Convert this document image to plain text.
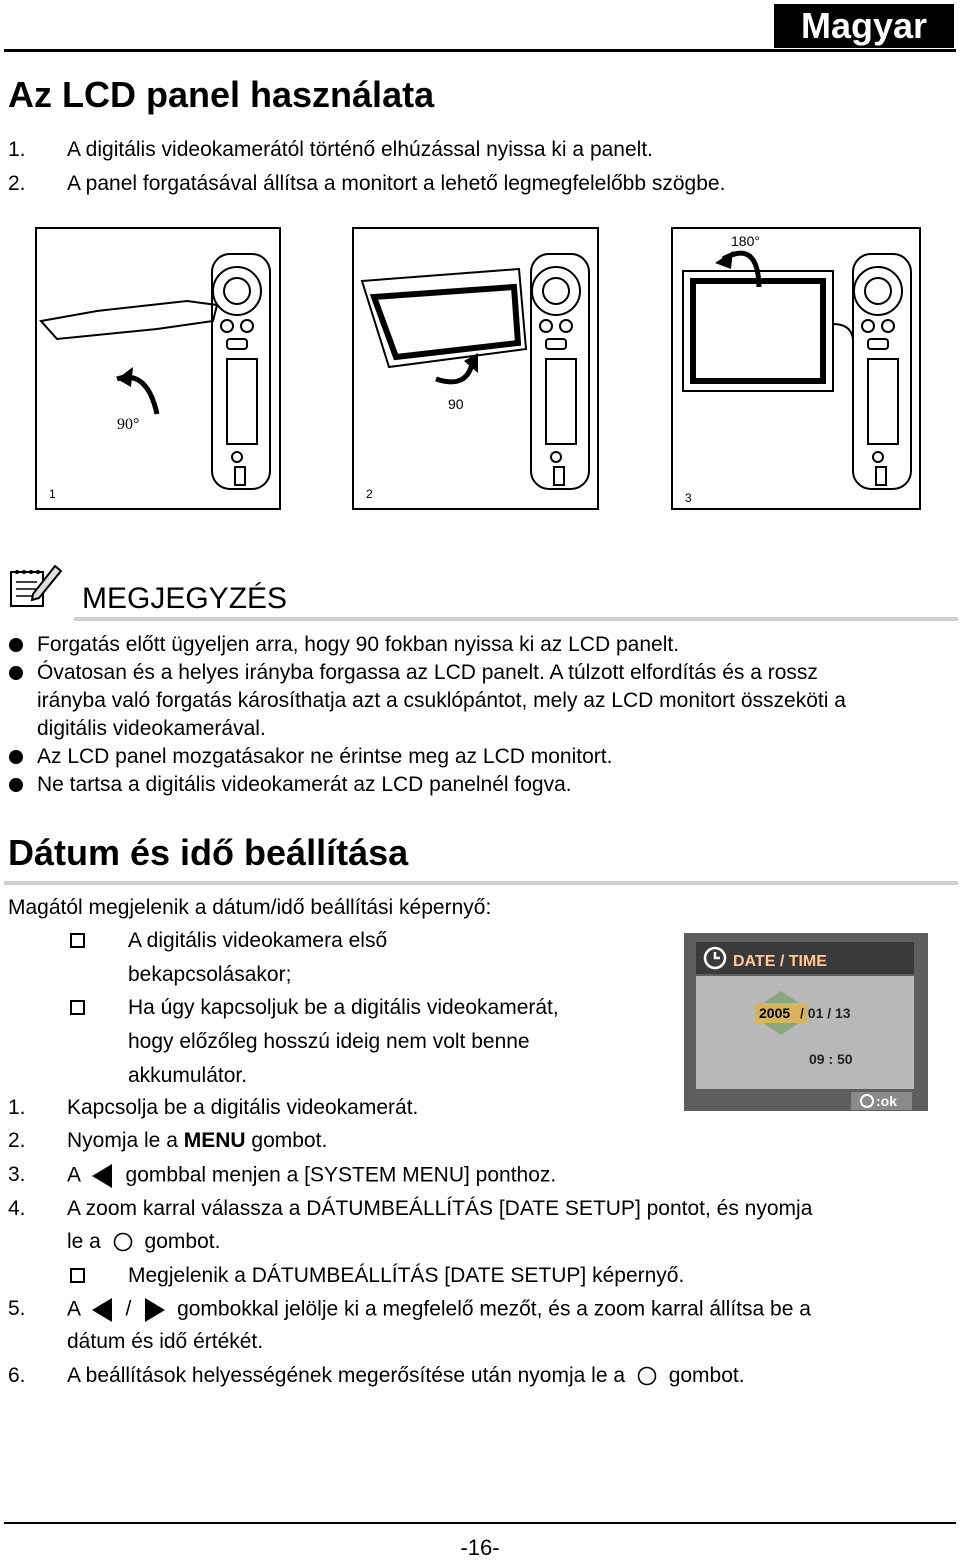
Magyar
Az LCD panel használata
1. A digitális videokamerától történő elhúzással nyissa ki a panelt.
2. A panel forgatásával állítsa a monitort a lehető legmegfelelőbb szögbe.
90°
1
90
2
180°
3
MEGJEGYZÉS
Forgatás előtt ügyeljen arra, hogy 90 fokban nyissa ki az LCD panelt.
Óvatosan és a helyes irányba forgassa az LCD panelt. A túlzott elfordítás és a rossz
irányba való forgatás károsíthatja azt a csuklópántot, mely az LCD monitort összeköti a
digitális videokamerával.
Az LCD panel mozgatásakor ne érintse meg az LCD monitort.
Ne tartsa a digitális videokamerát az LCD panelnél fogva.
Dátum és idő beállítása
Magától megjelenik a dátum/idő beállítási képernyő:
A digitális videokamera első
bekapcsolásakor;
Ha úgy kapcsoljuk be a digitális videokamerát,
hogy előzőleg hosszú ideig nem volt benne
akkumulátor.
DATE / TIME
2005 / 01 / 13
09 : 50
:ok
1. Kapcsolja be a digitális videokamerát.
2. Nyomja le a MENU gombot.
3. A gombbal menjen a [SYSTEM MENU] ponthoz.
4. A zoom karral válassza a DÁTUMBEÁLLÍTÁS [DATE SETUP] pontot, és nyomja
le a gombot.
Megjelenik a DÁTUMBEÁLLÍTÁS [DATE SETUP] képernyő.
5. A / gombokkal jelölje ki a megfelelő mezőt, és a zoom karral állítsa be a
dátum és idő értékét.
6. A beállítások helyességének megerősítése után nyomja le a gombot.
-16-
